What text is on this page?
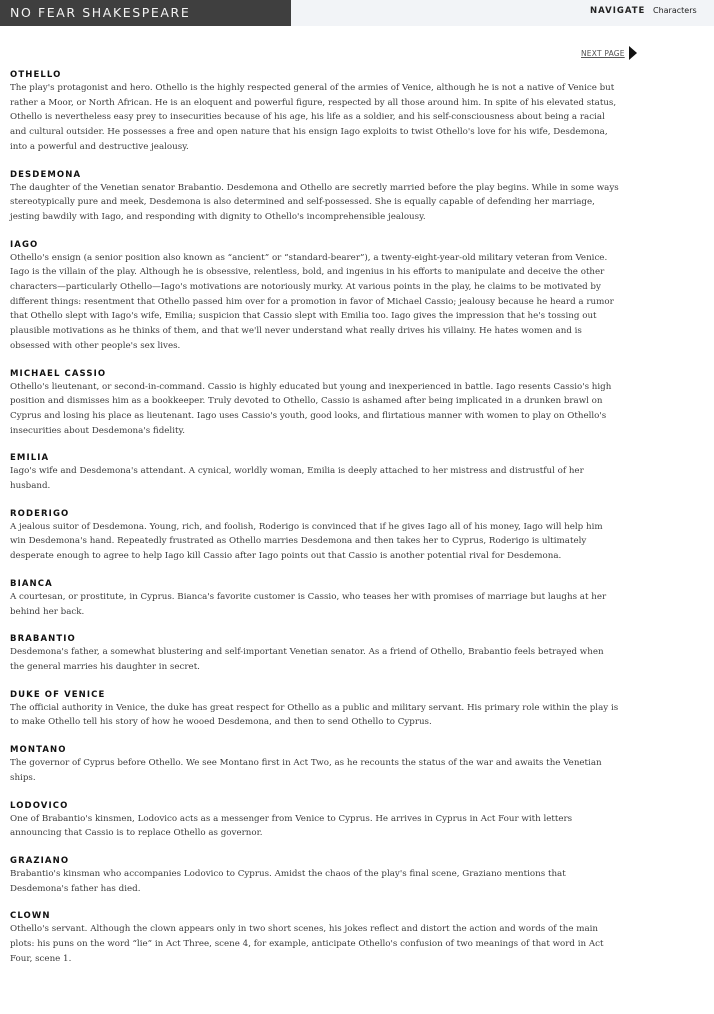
NO FEAR SHAKESPEARE	NAVIGATE Characters
NEXT PAGE
OTHELLO

The play's protagonist and hero. Othello is the highly respected general of the armies of Venice, although he is not a native of Venice but rather a Moor, or North African. He is an eloquent and powerful figure, respected by all those around him. In spite of his elevated status, Othello is nevertheless easy prey to insecurities because of his age, his life as a soldier, and his self-consciousness about being a racial and cultural outsider. He possesses a free and open nature that his ensign Iago exploits to twist Othello's love for his wife, Desdemona, into a powerful and destructive jealousy.

DESDEMONA

The daughter of the Venetian senator Brabantio. Desdemona and Othello are secretly married before the play begins. While in some ways stereotypically pure and meek, Desdemona is also determined and self-possessed. She is equally capable of defending her marriage, jesting bawdily with Iago, and responding with dignity to Othello's incomprehensible jealousy.

IAGO

Othello's ensign (a senior position also known as “ancient” or “standard-bearer”), a twenty-eight-year-old military veteran from Venice. Iago is the villain of the play. Although he is obsessive, relentless, bold, and ingenius in his efforts to manipulate and deceive the other characters—particularly Othello—Iago's motivations are notoriously murky. At various points in the play, he claims to be motivated by different things: resentment that Othello passed him over for a promotion in favor of Michael Cassio; jealousy because he heard a rumor that Othello slept with Iago's wife, Emilia; suspicion that Cassio slept with Emilia too. Iago gives the impression that he's tossing out plausible motivations as he thinks of them, and that we'll never understand what really drives his villainy. He hates women and is obsessed with other people's sex lives.

MICHAEL CASSIO

Othello's lieutenant, or second-in-command. Cassio is highly educated but young and inexperienced in battle. Iago resents Cassio's high position and dismisses him as a bookkeeper. Truly devoted to Othello, Cassio is ashamed after being implicated in a drunken brawl on Cyprus and losing his place as lieutenant. Iago uses Cassio's youth, good looks, and flirtatious manner with women to play on Othello's insecurities about Desdemona's fidelity.

EMILIA

Iago's wife and Desdemona's attendant. A cynical, worldly woman, Emilia is deeply attached to her mistress and distrustful of her husband.

RODERIGO

A jealous suitor of Desdemona. Young, rich, and foolish, Roderigo is convinced that if he gives Iago all of his money, Iago will help him win Desdemona's hand. Repeatedly frustrated as Othello marries Desdemona and then takes her to Cyprus, Roderigo is ultimately desperate enough to agree to help Iago kill Cassio after Iago points out that Cassio is another potential rival for Desdemona.

BIANCA

A courtesan, or prostitute, in Cyprus. Bianca's favorite customer is Cassio, who teases her with promises of marriage but laughs at her behind her back.

BRABANTIO

Desdemona's father, a somewhat blustering and self-important Venetian senator. As a friend of Othello, Brabantio feels betrayed when the general marries his daughter in secret.

DUKE OF VENICE

The official authority in Venice, the duke has great respect for Othello as a public and military servant. His primary role within the play is to make Othello tell his story of how he wooed Desdemona, and then to send Othello to Cyprus.

MONTANO

The governor of Cyprus before Othello. We see Montano first in Act Two, as he recounts the status of the war and awaits the Venetian ships.

LODOVICO

One of Brabantio's kinsmen, Lodovico acts as a messenger from Venice to Cyprus. He arrives in Cyprus in Act Four with letters announcing that Cassio is to replace Othello as governor.

GRAZIANO

Brabantio's kinsman who accompanies Lodovico to Cyprus. Amidst the chaos of the play's final scene, Graziano mentions that Desdemona's father has died.

CLOWN

Othello's servant. Although the clown appears only in two short scenes, his jokes reflect and distort the action and words of the main plots: his puns on the word “lie” in Act Three, scene 4, for example, anticipate Othello's confusion of two meanings of that word in Act Four, scene 1.
